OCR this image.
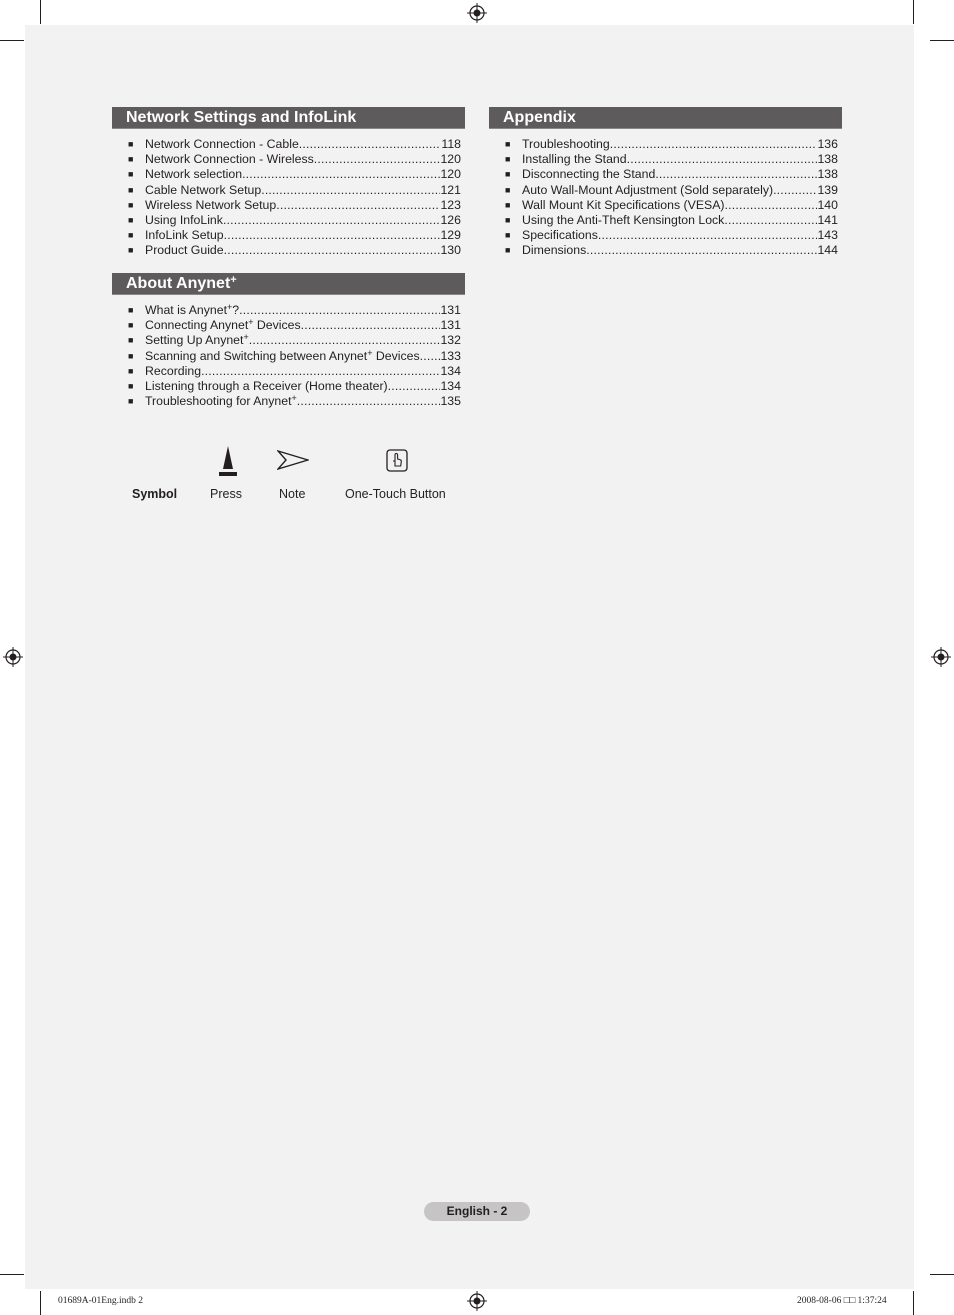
Network Settings and InfoLink
■ Network Connection - Cable .....	118
■ Network Connection - Wireless .....	120
■ Network selection .....	120
■ Cable Network Setup .....	121
■ Wireless Network Setup .....	123
■ Using InfoLink .....	126
■ InfoLink Setup .....	129
■ Product Guide .....	130
About Anynet+
■ What is Anynet+? .....	131
■ Connecting Anynet+ Devices .....	131
■ Setting Up Anynet+ .....	132
■ Scanning and Switching between Anynet+ Devices ..... 133
■ Recording .....	134
■ Listening through a Receiver (Home theater) .....	134
■ Troubleshooting for Anynet+ .....	135
Appendix
■ Troubleshooting .....	136
■ Installing the Stand .....	138
■ Disconnecting the Stand .....	138
■ Auto Wall-Mount Adjustment (Sold separately) .....	139
■ Wall Mount Kit Specifications (VESA) .....	140
■ Using the Anti-Theft Kensington Lock .....	141
■ Specifications .....	143
■ Dimensions .....	144
Symbol	Press	Note	One-Touch Button
English - 2
01689A-01Eng.indb 2	2008-08-06 □□ 1:37:24
